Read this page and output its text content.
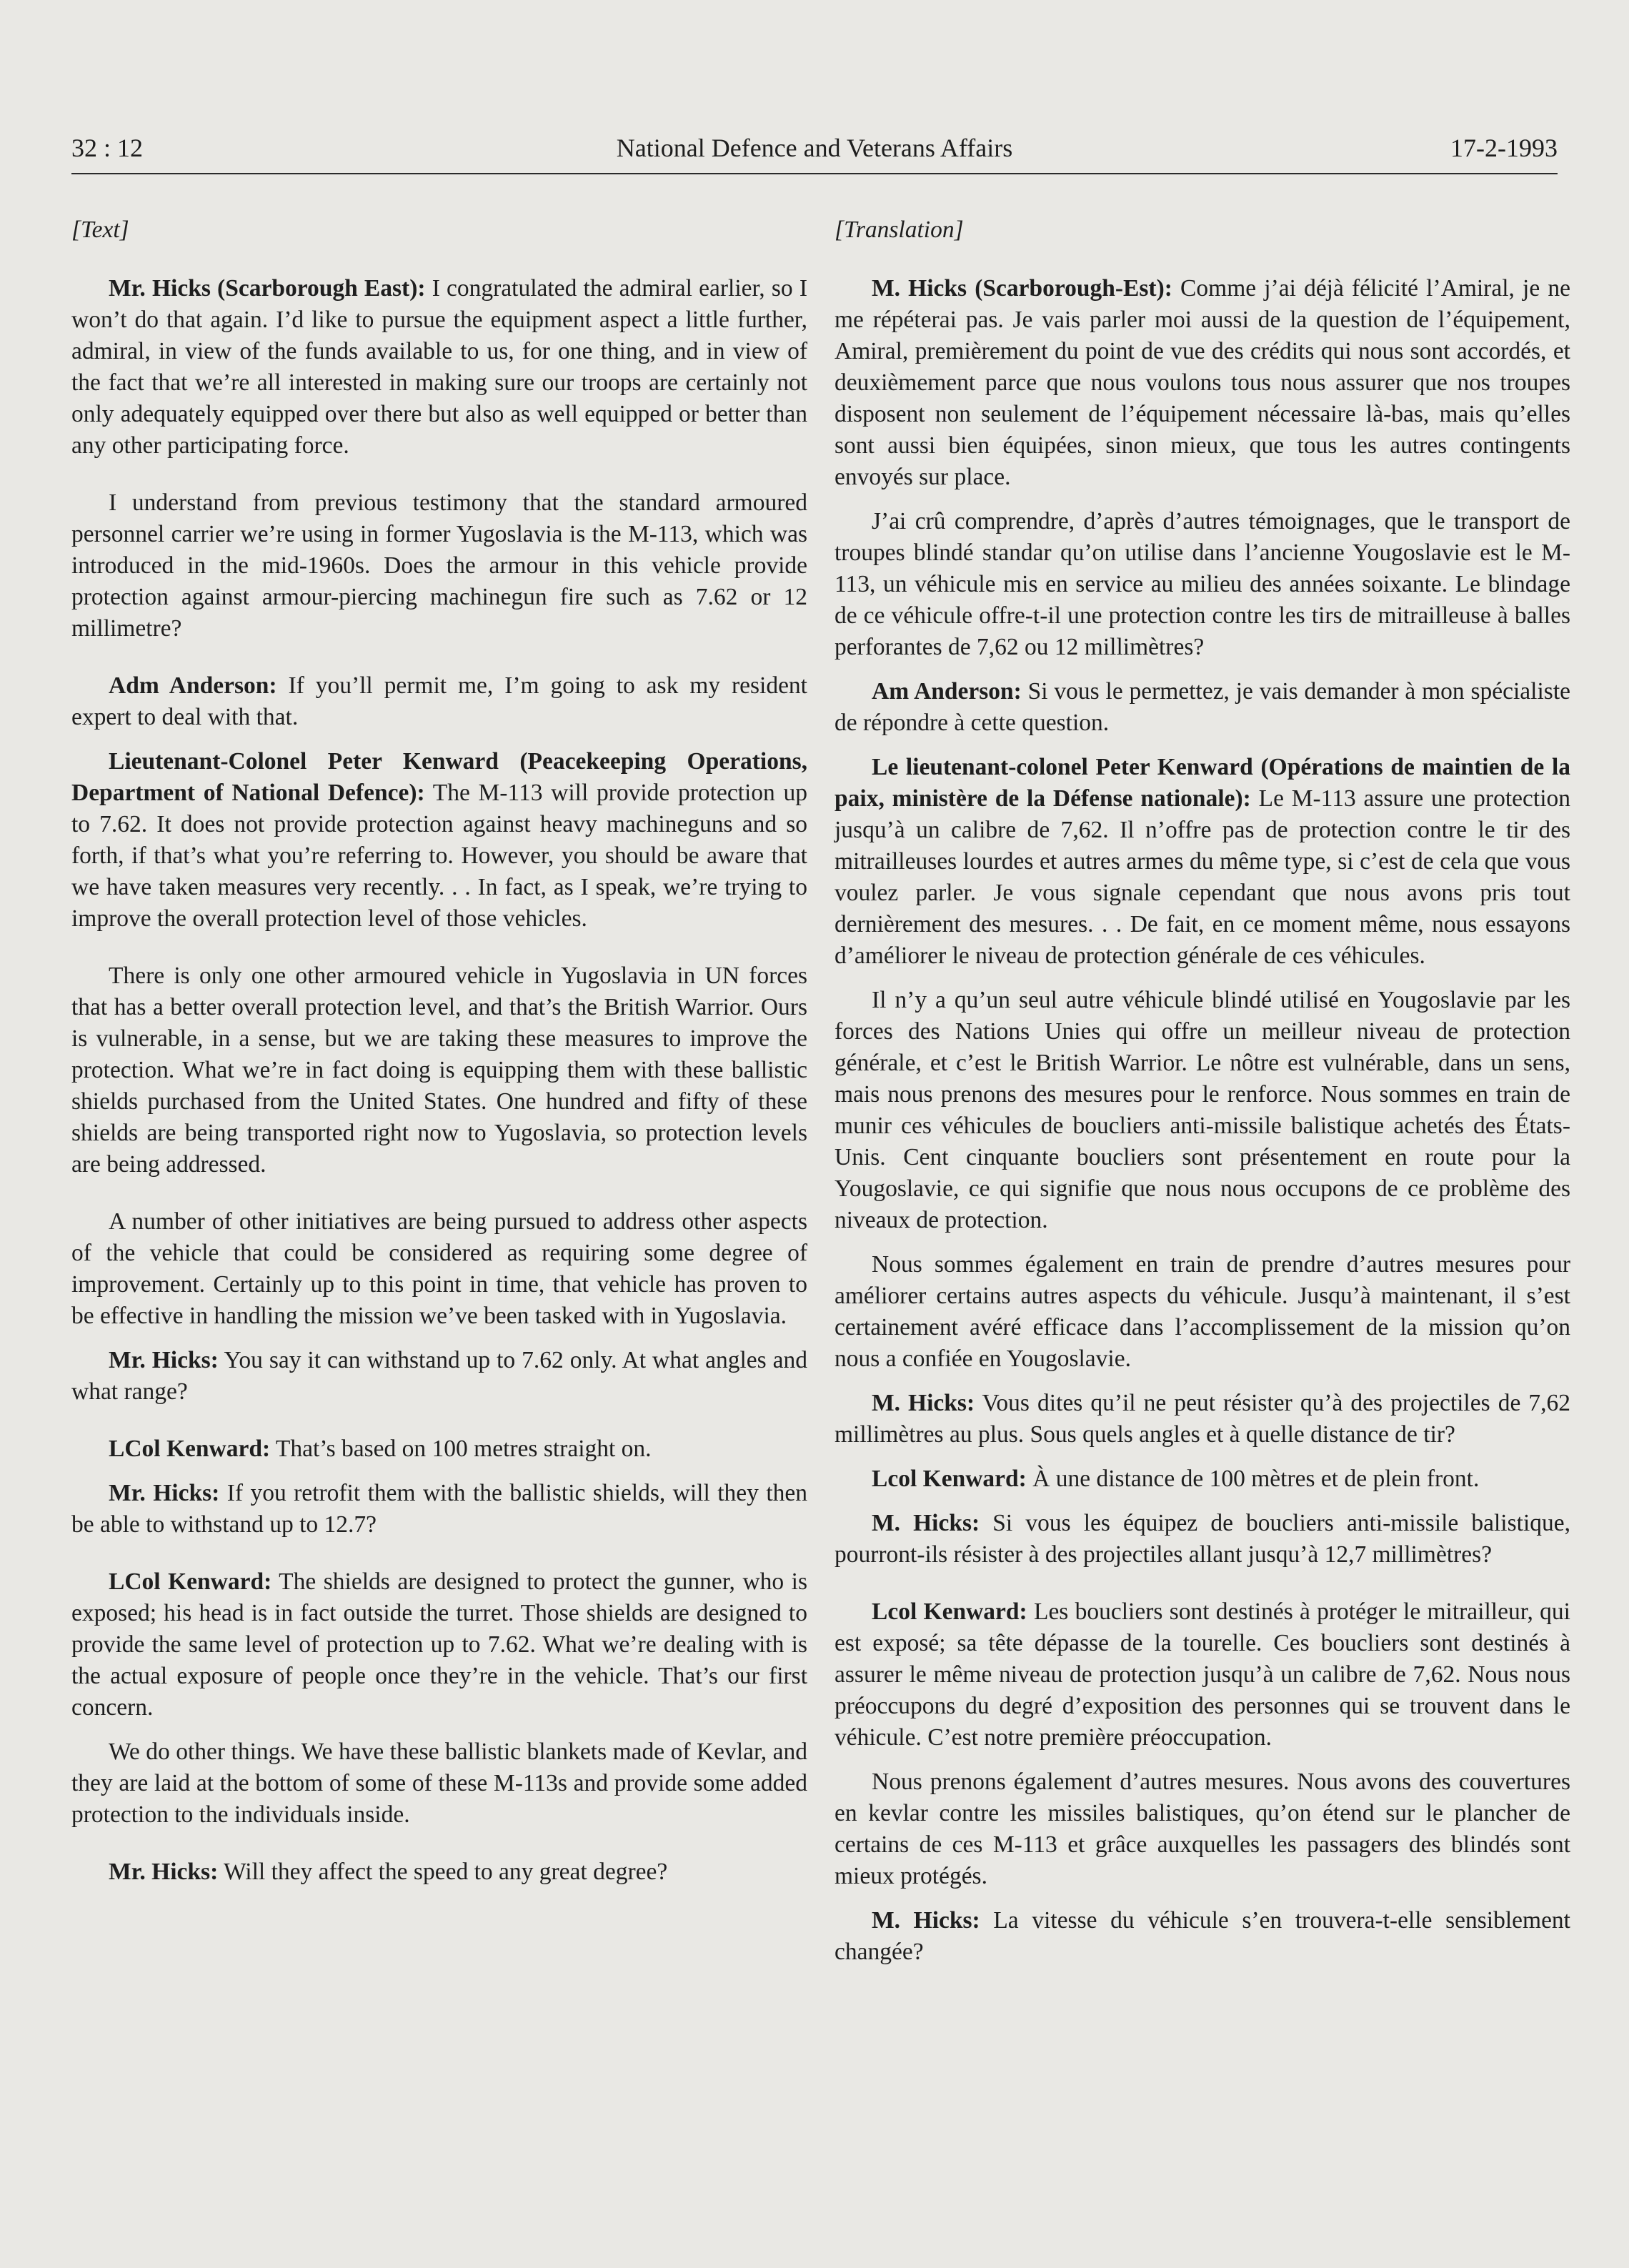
32 : 12	National Defence and Veterans Affairs	17-2-1993
[Text]

Mr. Hicks (Scarborough East): I congratulated the admiral earlier, so I won’t do that again. I’d like to pursue the equipment aspect a little further, admiral, in view of the funds available to us, for one thing, and in view of the fact that we’re all interested in making sure our troops are certainly not only adequately equipped over there but also as well equipped or better than any other participating force.

I understand from previous testimony that the standard armoured personnel carrier we’re using in former Yugoslavia is the M-113, which was introduced in the mid-1960s. Does the armour in this vehicle provide protection against armour-piercing machinegun fire such as 7.62 or 12 millimetre?

Adm Anderson: If you’ll permit me, I’m going to ask my resident expert to deal with that.

Lieutenant-Colonel Peter Kenward (Peacekeeping Operations, Department of National Defence): The M-113 will provide protection up to 7.62. It does not provide protection against heavy machineguns and so forth, if that’s what you’re referring to. However, you should be aware that we have taken measures very recently. . . In fact, as I speak, we’re trying to improve the overall protection level of those vehicles.

There is only one other armoured vehicle in Yugoslavia in UN forces that has a better overall protection level, and that’s the British Warrior. Ours is vulnerable, in a sense, but we are taking these measures to improve the protection. What we’re in fact doing is equipping them with these ballistic shields purchased from the United States. One hundred and fifty of these shields are being transported right now to Yugoslavia, so protection levels are being addressed.

A number of other initiatives are being pursued to address other aspects of the vehicle that could be considered as requiring some degree of improvement. Certainly up to this point in time, that vehicle has proven to be effective in handling the mission we’ve been tasked with in Yugoslavia.

Mr. Hicks: You say it can withstand up to 7.62 only. At what angles and what range?

LCol Kenward: That’s based on 100 metres straight on.

Mr. Hicks: If you retrofit them with the ballistic shields, will they then be able to withstand up to 12.7?

LCol Kenward: The shields are designed to protect the gunner, who is exposed; his head is in fact outside the turret. Those shields are designed to provide the same level of protection up to 7.62. What we’re dealing with is the actual exposure of people once they’re in the vehicle. That’s our first concern.

We do other things. We have these ballistic blankets made of Kevlar, and they are laid at the bottom of some of these M-113s and provide some added protection to the individuals inside.

Mr. Hicks: Will they affect the speed to any great degree?

[Translation]

M. Hicks (Scarborough-Est): Comme j’ai déjà félicité l’Amiral, je ne me répéterai pas. Je vais parler moi aussi de la question de l’équipement, Amiral, premièrement du point de vue des crédits qui nous sont accordés, et deuxièmement parce que nous voulons tous nous assurer que nos troupes disposent non seulement de l’équipement nécessaire là-bas, mais qu’elles sont aussi bien équipées, sinon mieux, que tous les autres contingents envoyés sur place.

J’ai crû comprendre, d’après d’autres témoignages, que le transport de troupes blindé standar qu’on utilise dans l’ancienne Yougoslavie est le M-113, un véhicule mis en service au milieu des années soixante. Le blindage de ce véhicule offre-t-il une protection contre les tirs de mitrailleuse à balles perforantes de 7,62 ou 12 millimètres?

Am Anderson: Si vous le permettez, je vais demander à mon spécialiste de répondre à cette question.

Le lieutenant-colonel Peter Kenward (Opérations de maintien de la paix, ministère de la Défense nationale): Le M-113 assure une protection jusqu’à un calibre de 7,62. Il n’offre pas de protection contre le tir des mitrailleuses lourdes et autres armes du même type, si c’est de cela que vous voulez parler. Je vous signale cependant que nous avons pris tout dernièrement des mesures. . . De fait, en ce moment même, nous essayons d’améliorer le niveau de protection générale de ces véhicules.

Il n’y a qu’un seul autre véhicule blindé utilisé en Yougoslavie par les forces des Nations Unies qui offre un meilleur niveau de protection générale, et c’est le British Warrior. Le nôtre est vulnérable, dans un sens, mais nous prenons des mesures pour le renforce. Nous sommes en train de munir ces véhicules de boucliers anti-missile balistique achetés des États-Unis. Cent cinquante boucliers sont présentement en route pour la Yougoslavie, ce qui signifie que nous nous occupons de ce problème des niveaux de protection.

Nous sommes également en train de prendre d’autres mesures pour améliorer certains autres aspects du véhicule. Jusqu’à maintenant, il s’est certainement avéré efficace dans l’accomplissement de la mission qu’on nous a confiée en Yougoslavie.

M. Hicks: Vous dites qu’il ne peut résister qu’à des projectiles de 7,62 millimètres au plus. Sous quels angles et à quelle distance de tir?

Lcol Kenward: À une distance de 100 mètres et de plein front.

M. Hicks: Si vous les équipez de boucliers anti-missile balistique, pourront-ils résister à des projectiles allant jusqu’à 12,7 millimètres?

Lcol Kenward: Les boucliers sont destinés à protéger le mitrailleur, qui est exposé; sa tête dépasse de la tourelle. Ces boucliers sont destinés à assurer le même niveau de protection jusqu’à un calibre de 7,62. Nous nous préoccupons du degré d’exposition des personnes qui se trouvent dans le véhicule. C’est notre première préoccupation.

Nous prenons également d’autres mesures. Nous avons des couvertures en kevlar contre les missiles balistiques, qu’on étend sur le plancher de certains de ces M-113 et grâce auxquelles les passagers des blindés sont mieux protégés.

M. Hicks: La vitesse du véhicule s’en trouvera-t-elle sensiblement changée?
